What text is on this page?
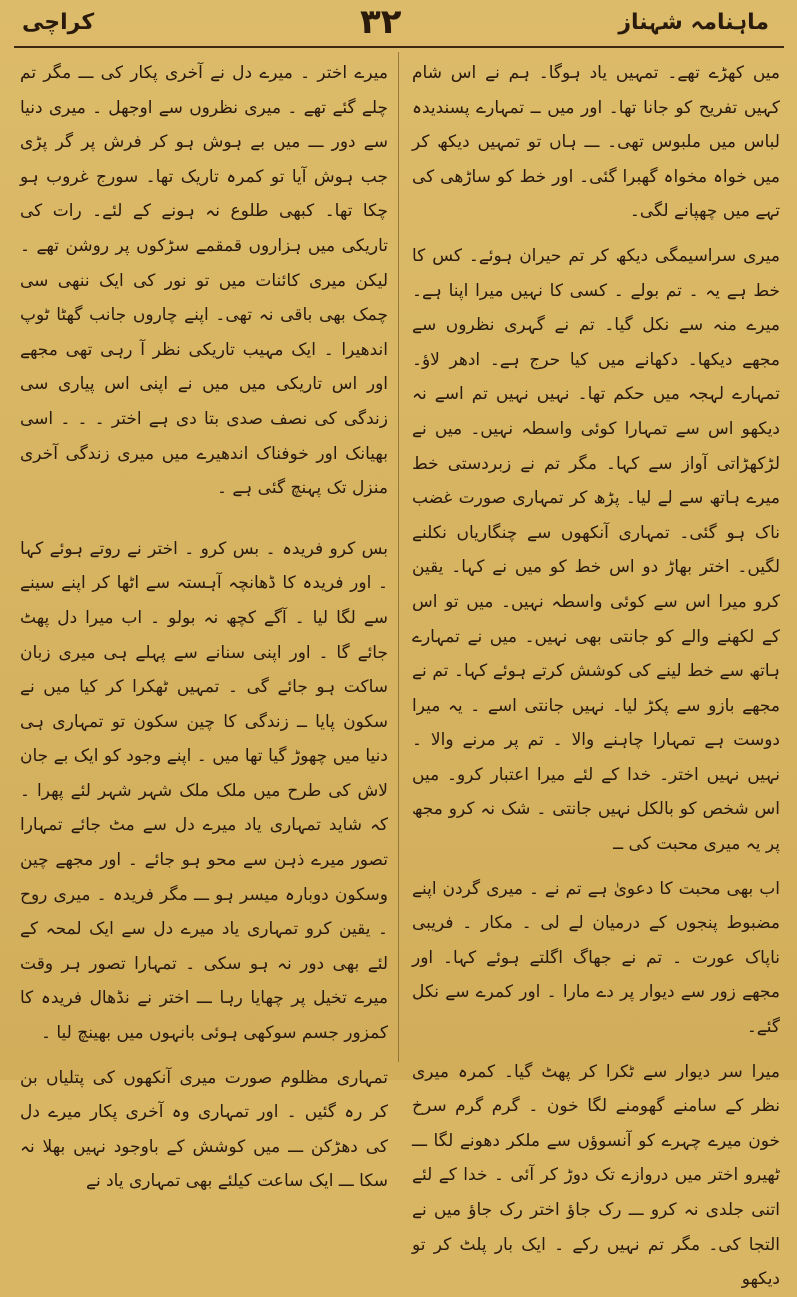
کراچی	۳۲	ماہنامہ شہناز

میں کھڑے تھے۔ تمہیں یاد ہوگا۔ ہم نے اس شام کہیں تفریح کو جانا تھا۔ اور میں ــ تمہارے پسندیدہ لباس میں ملبوس تھی۔ ـــ ہاں تو تمہیں دیکھ کر میں خواہ مخواہ گھبرا گئی۔ اور خط کو ساڑھی کی تہے میں چھپانے لگی۔

میری سراسیمگی دیکھ کر تم حیران ہوئے۔ کس کا خط ہے یہ ۔ تم بولے ۔ کسی کا نہیں میرا اپنا ہے۔ میرے منہ سے نکل گیا۔ تم نے گہری نظروں سے مجھے دیکھا۔ دکھانے میں کیا حرج ہے۔ ادھر لاؤ۔ تمہارے لہجہ میں حکم تھا۔ نہیں نہیں تم اسے نہ دیکھو اس سے تمہارا کوئی واسطہ نہیں۔ میں نے لڑکھڑاتی آواز سے کہا۔ مگر تم نے زبردستی خط میرے ہاتھ سے لے لیا۔ پڑھ کر تمہاری صورت غضب ناک ہو گئی۔ تمہاری آنکھوں سے چنگاریاں نکلنے لگیں۔ اختر بھاڑ دو اس خط کو میں نے کہا۔ یقین کرو میرا اس سے کوئی واسطہ نہیں۔ میں تو اس کے لکھنے والے کو جانتی بھی نہیں۔ میں نے تمہارے ہاتھ سے خط لینے کی کوشش کرتے ہوئے کہا۔ تم نے مجھے بازو سے پکڑ لیا۔ نہیں جانتی اسے ۔ یہ میرا دوست ہے تمہارا چاہنے والا ۔ تم پر مرنے والا ۔ نہیں نہیں اختر۔ خدا کے لئے میرا اعتبار کرو۔ میں اس شخص کو بالکل نہیں جانتی ۔ شک نہ کرو مجھ پر یہ میری محبت کی ــ

اب بھی محبت کا دعویٰ ہے تم نے ۔ میری گردن اپنے مضبوط پنجوں کے درمیان لے لی ۔ مکار ۔ فریبی ناپاک عورت ۔ تم نے جھاگ اگلتے ہوئے کہا۔ اور مجھے زور سے دیوار پر دے مارا ۔ اور کمرے سے نکل گئے۔

میرا سر دیوار سے ٹکرا کر پھٹ گیا۔ کمرہ میری نظر کے سامنے گھومنے لگا خون ۔ گرم گرم سرخ خون میرے چہرے کو آنسوؤں سے ملکر دھونے لگا ـــ ٹھیرو اختر میں دروازے تک دوڑ کر آئی ۔ خدا کے لئے اتنی جلدی نہ کرو ـــ رک جاؤ اختر رک جاؤ میں نے التجا کی۔ مگر تم نہیں رکے ۔ ایک بار پلٹ کر تو دیکھو

میرے اختر ۔ میرے دل نے آخری پکار کی ـــ مگر تم چلے گئے تھے ۔ میری نظروں سے اوجھل ۔ میری دنیا سے دور ـــ میں بے ہوش ہو کر فرش پر گر پڑی جب ہوش آیا تو کمرہ تاریک تھا۔ سورج غروب ہو چکا تھا۔ کبھی طلوع نہ ہونے کے لئے۔ رات کی تاریکی میں ہزاروں قمقمے سڑکوں پر روشن تھے ۔ لیکن میری کائنات میں تو نور کی ایک ننھی سی چمک بھی باقی نہ تھی۔ اپنے چاروں جانب گھٹا ٹوپ اندھیرا ۔ ایک مہیب تاریکی نظر آ رہی تھی مجھے اور اس تاریکی میں میں نے اپنی اس پیاری سی زندگی کی نصف صدی بتا دی ہے اختر ۔ ۔ ۔ اسی بھیانک اور خوفناک اندھیرے میں میری زندگی آخری منزل تک پہنچ گئی ہے ۔

بس کرو فریدہ ۔ بس کرو ۔ اختر نے روتے ہوئے کہا ۔ اور فریدہ کا ڈھانچہ آہستہ سے اٹھا کر اپنے سینے سے لگا لیا ۔ آگے کچھ نہ بولو ۔ اب میرا دل پھٹ جائے گا ۔ اور اپنی سنانے سے پہلے ہی میری زبان ساکت ہو جائے گی ۔ تمہیں ٹھکرا کر کیا میں نے سکون پایا ــ زندگی کا چین سکون تو تمہاری ہی دنیا میں چھوڑ گیا تھا میں ۔ اپنے وجود کو ایک بے جان لاش کی طرح میں ملک ملک شہر شہر لئے پھرا ۔ کہ شاید تمہاری یاد میرے دل سے مٹ جائے تمہارا تصور میرے ذہن سے محو ہو جائے ۔ اور مجھے چین وسکون دوبارہ میسر ہو ـــ مگر فریدہ ۔ میری روح ۔ یقین کرو تمہاری یاد میرے دل سے ایک لمحہ کے لئے بھی دور نہ ہو سکی ۔ تمہارا تصور ہر وقت میرے تخیل پر چھایا رہا ـــ اختر نے نڈھال فریدہ کا کمزور جسم سوکھی ہوئی بانہوں میں بھینچ لیا ۔

تمہاری مظلوم صورت میری آنکھوں کی پتلیاں بن کر رہ گئیں ۔ اور تمہاری وہ آخری پکار میرے دل کی دھڑکن ـــ میں کوشش کے باوجود نہیں بھلا نہ سکا ـــ ایک ساعت کیلئے بھی تمہاری یاد نے
